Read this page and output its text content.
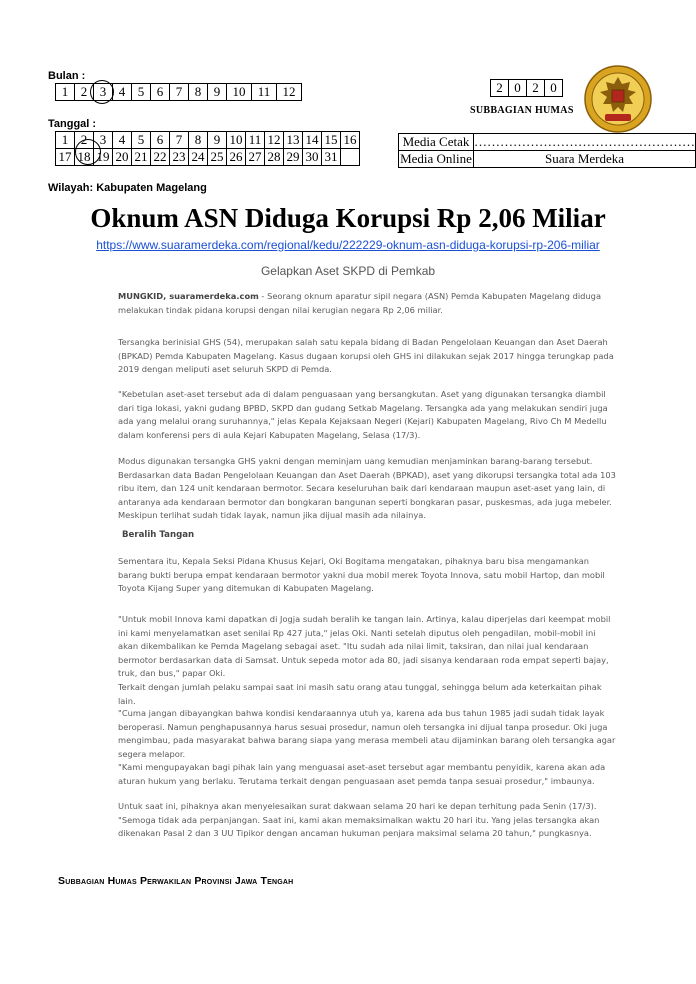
Bulan :
1	2	3	4	5	6	7	8	9	10	11	12
Tanggal :
1	2	3	4	5	6	7	8	9	10	11	12	13	14	15	16
17	18	19	20	21	22	23	24	25	26	27	28	29	30	31	
2	0	2	0
SUBBAGIAN HUMAS
Media Cetak	……………………………………………
Media Online	Suara Merdeka
Wilayah: Kabupaten Magelang
Oknum ASN Diduga Korupsi Rp 2,06 Miliar
https://www.suaramerdeka.com/regional/kedu/222229-oknum-asn-diduga-korupsi-rp-206-miliar
Gelapkan Aset SKPD di Pemkab

MUNGKID, suaramerdeka.com - Seorang oknum aparatur sipil negara (ASN) Pemda Kabupaten Magelang diduga melakukan tindak pidana korupsi dengan nilai kerugian negara Rp 2,06 miliar.

Tersangka berinisial GHS (54), merupakan salah satu kepala bidang di Badan Pengelolaan Keuangan dan Aset Daerah (BPKAD) Pemda Kabupaten Magelang. Kasus dugaan korupsi oleh GHS ini dilakukan sejak 2017 hingga terungkap pada 2019 dengan meliputi aset seluruh SKPD di Pemda.
"Kebetulan aset-aset tersebut ada di dalam penguasaan yang bersangkutan. Aset yang digunakan tersangka diambil dari tiga lokasi, yakni gudang BPBD, SKPD dan gudang Setkab Magelang. Tersangka ada yang melakukan sendiri juga ada yang melalui orang suruhannya," jelas Kepala Kejaksaan Negeri (Kejari) Kabupaten Magelang, Rivo Ch M Medellu dalam konferensi pers di aula Kejari Kabupaten Magelang, Selasa (17/3).
Modus digunakan tersangka GHS yakni dengan meminjam uang kemudian menjaminkan barang-barang tersebut. Berdasarkan data Badan Pengelolaan Keuangan dan Aset Daerah (BPKAD), aset yang dikorupsi tersangka total ada 103 ribu item, dan 124 unit kendaraan bermotor. Secara keseluruhan baik dari kendaraan maupun aset-aset yang lain, di antaranya ada kendaraan bermotor dan bongkaran bangunan seperti bongkaran pasar, puskesmas, ada juga mebeler. Meskipun terlihat sudah tidak layak, namun jika dijual masih ada nilainya.
Beralih Tangan
Sementara itu, Kepala Seksi Pidana Khusus Kejari, Oki Bogitama mengatakan, pihaknya baru bisa mengamankan barang bukti berupa empat kendaraan bermotor yakni dua mobil merek Toyota Innova, satu mobil Hartop, dan mobil Toyota Kijang Super yang ditemukan di Kabupaten Magelang.
"Untuk mobil Innova kami dapatkan di Jogja sudah beralih ke tangan lain. Artinya, kalau diperjelas dari keempat mobil ini kami menyelamatkan aset senilai Rp 427 juta," jelas Oki. Nanti setelah diputus oleh pengadilan, mobil-mobil ini akan dikembalikan ke Pemda Magelang sebagai aset. "Itu sudah ada nilai limit, taksiran, dan nilai jual kendaraan bermotor berdasarkan data di Samsat. Untuk sepeda motor ada 80, jadi sisanya kendaraan roda empat seperti bajay, truk, dan bus," papar Oki.
Terkait dengan jumlah pelaku sampai saat ini masih satu orang atau tunggal, sehingga belum ada keterkaitan pihak lain.
"Cuma jangan dibayangkan bahwa kondisi kendaraannya utuh ya, karena ada bus tahun 1985 jadi sudah tidak layak beroperasi. Namun penghapusannya harus sesuai prosedur, namun oleh tersangka ini dijual tanpa prosedur. Oki juga mengimbau, pada masyarakat bahwa barang siapa yang merasa membeli atau dijaminkan barang oleh tersangka agar segera melapor.
"Kami mengupayakan bagi pihak lain yang menguasai aset-aset tersebut agar membantu penyidik, karena akan ada aturan hukum yang berlaku. Terutama terkait dengan penguasaan aset pemda tanpa sesuai prosedur," imbaunya.
Untuk saat ini, pihaknya akan menyelesaikan surat dakwaan selama 20 hari ke depan terhitung pada Senin (17/3). "Semoga tidak ada perpanjangan. Saat ini, kami akan memaksimalkan waktu 20 hari itu. Yang jelas tersangka akan dikenakan Pasal 2 dan 3 UU Tipikor dengan ancaman hukuman penjara maksimal selama 20 tahun," pungkasnya.
Subbagian Humas Perwakilan Provinsi Jawa Tengah
